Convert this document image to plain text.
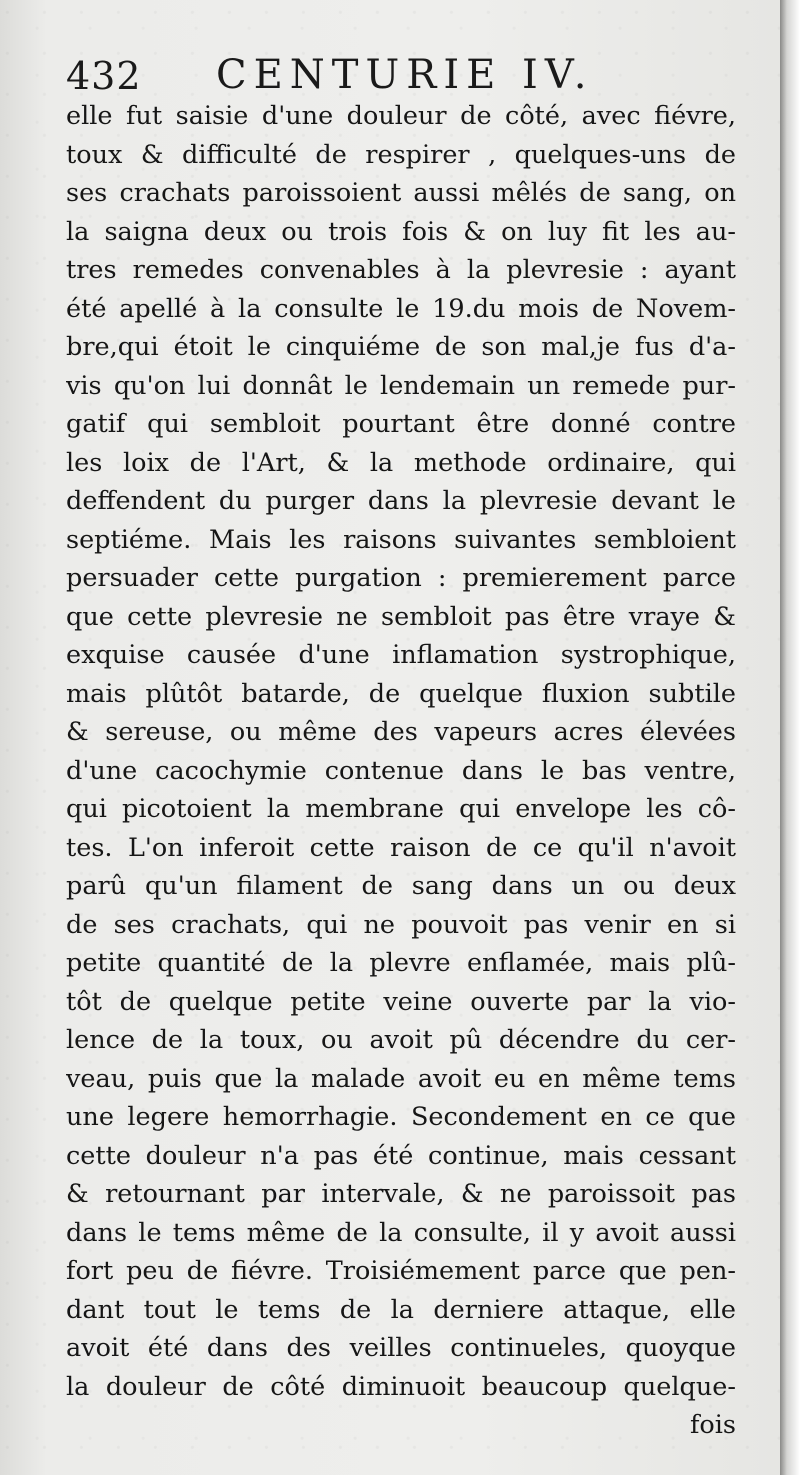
432 CENTURIE IV.
elle fut saisie d'une douleur de côté, avec fiévre,
toux & difficulté de respirer , quelques-uns de
ses crachats paroissoient aussi mêlés de sang, on
la saigna deux ou trois fois & on luy fit les au-
tres remedes convenables à la plevresie : ayant
été apellé à la consulte le 19.du mois de Novem-
bre,qui étoit le cinquiéme de son mal,je fus d'a-
vis qu'on lui donnât le lendemain un remede pur-
gatif qui sembloit pourtant être donné contre
les loix de l'Art, & la methode ordinaire, qui
deffendent du purger dans la plevresie devant le
septiéme. Mais les raisons suivantes sembloient
persuader cette purgation : premierement parce
que cette plevresie ne sembloit pas être vraye &
exquise causée d'une inflamation systrophique,
mais plûtôt batarde, de quelque fluxion subtile
& sereuse, ou même des vapeurs acres élevées
d'une cacochymie contenue dans le bas ventre,
qui picotoient la membrane qui envelope les cô-
tes. L'on inferoit cette raison de ce qu'il n'avoit
parû qu'un filament de sang dans un ou deux
de ses crachats, qui ne pouvoit pas venir en si
petite quantité de la plevre enflamée, mais plû-
tôt de quelque petite veine ouverte par la vio-
lence de la toux, ou avoit pû décendre du cer-
veau, puis que la malade avoit eu en même tems
une legere hemorrhagie. Secondement en ce que
cette douleur n'a pas été continue, mais cessant
& retournant par intervale, & ne paroissoit pas
dans le tems même de la consulte, il y avoit aussi
fort peu de fiévre. Troisiémement parce que pen-
dant tout le tems de la derniere attaque, elle
avoit été dans des veilles continueles, quoyque
la douleur de côté diminuoit beaucoup quelque-
fois
